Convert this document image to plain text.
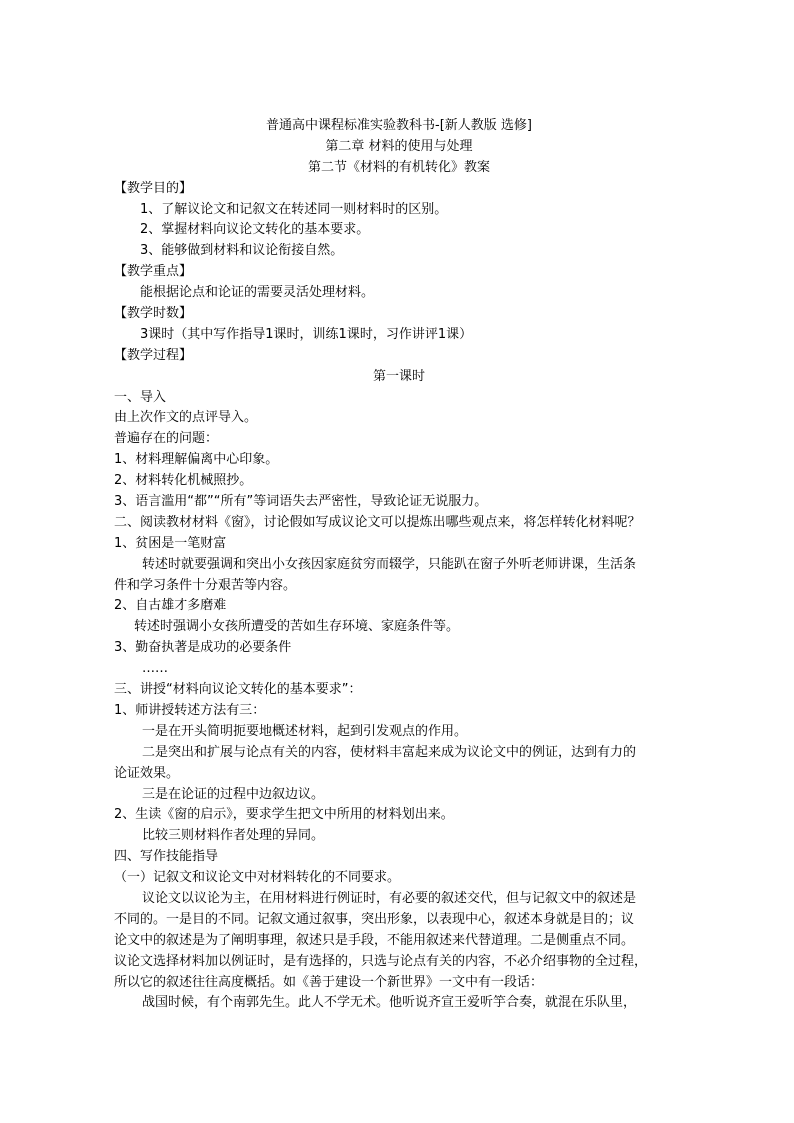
普通高中课程标准实验教科书-[新人教版 选修]
第二章 材料的使用与处理
第二节《材料的有机转化》教案
【教学目的】
1、了解议论文和记叙文在转述同一则材料时的区别。
2、掌握材料向议论文转化的基本要求。
3、能够做到材料和议论衔接自然。
【教学重点】
能根据论点和论证的需要灵活处理材料。
【教学时数】
3课时（其中写作指导1课时，训练1课时，习作讲评1课）
【教学过程】
第一课时
一、导入
由上次作文的点评导入。
普遍存在的问题：
1、材料理解偏离中心印象。
2、材料转化机械照抄。
3、语言滥用“都”“所有”等词语失去严密性，导致论证无说服力。
二、阅读教材材料《窗》，讨论假如写成议论文可以提炼出哪些观点来，将怎样转化材料呢？
1、贫困是一笔财富
转述时就要强调和突出小女孩因家庭贫穷而辍学，只能趴在窗子外听老师讲课，生活条
件和学习条件十分艰苦等内容。
2、自古雄才多磨难
转述时强调小女孩所遭受的苦如生存环境、家庭条件等。
3、勤奋执著是成功的必要条件
……
三、讲授“材料向议论文转化的基本要求”：
1、师讲授转述方法有三：
一是在开头简明扼要地概述材料，起到引发观点的作用。
二是突出和扩展与论点有关的内容，使材料丰富起来成为议论文中的例证，达到有力的
论证效果。
三是在论证的过程中边叙边议。
2、生读《窗的启示》，要求学生把文中所用的材料划出来。
比较三则材料作者处理的异同。
四、写作技能指导
（一）记叙文和议论文中对材料转化的不同要求。
议论文以议论为主，在用材料进行例证时，有必要的叙述交代，但与记叙文中的叙述是
不同的。一是目的不同。记叙文通过叙事，突出形象，以表现中心，叙述本身就是目的；议
论文中的叙述是为了阐明事理，叙述只是手段，不能用叙述来代替道理。二是侧重点不同。
议论文选择材料加以例证时，是有选择的，只选与论点有关的内容，不必介绍事物的全过程，
所以它的叙述往往高度概括。如《善于建设一个新世界》一文中有一段话：
战国时候，有个南郭先生。此人不学无术。他听说齐宣王爱听竽合奏，就混在乐队里，
